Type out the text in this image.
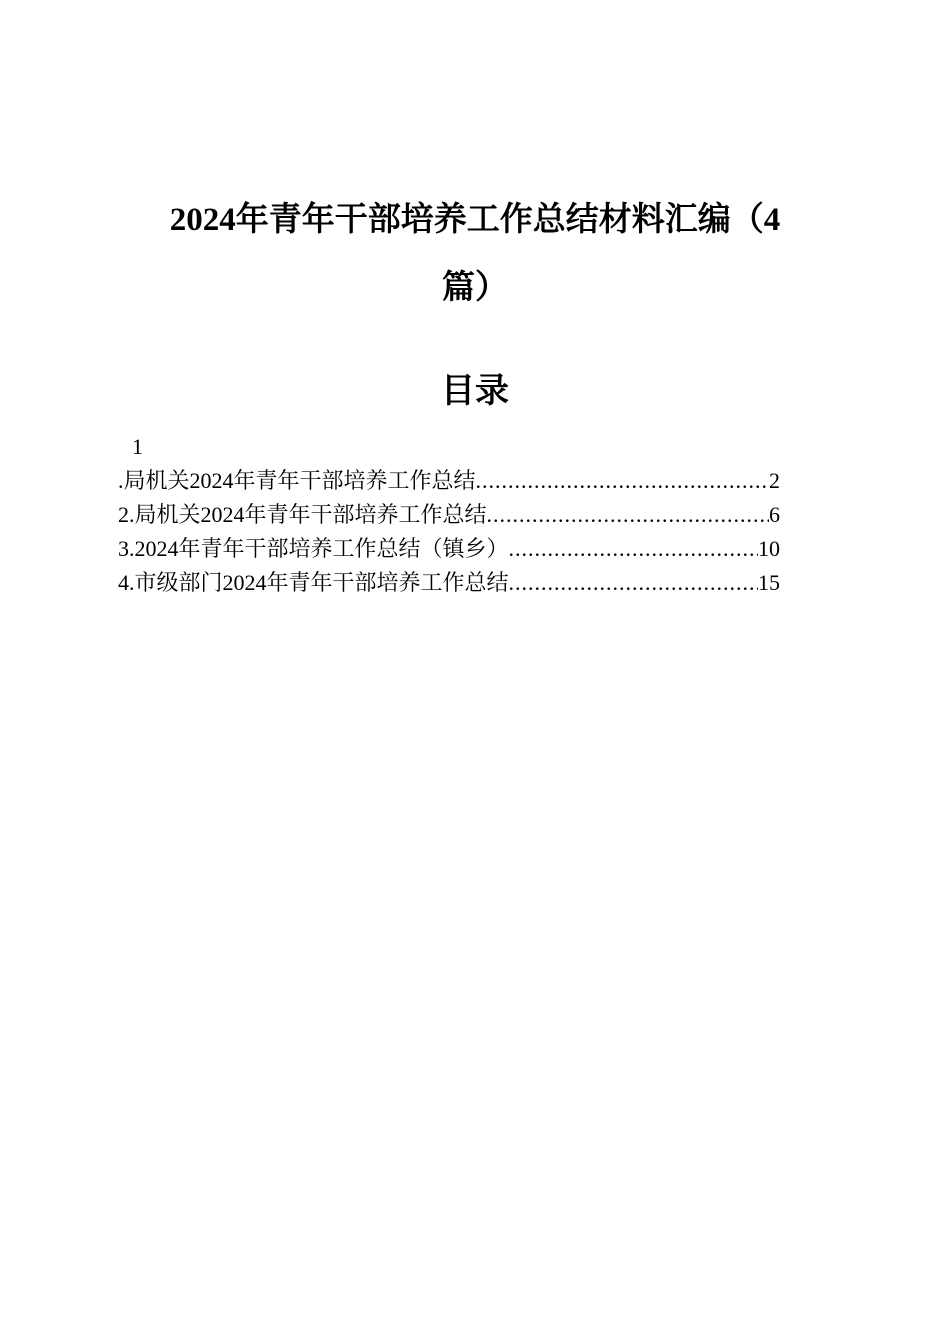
2024年青年干部培养工作总结材料汇编（4
篇）
目录
1
.局机关2024年青年干部培养工作总结 .....	2
2.局机关2024年青年干部培养工作总结 .....	6
3.2024年青年干部培养工作总结（镇乡） .....	10
4.市级部门2024年青年干部培养工作总结 .....	15
